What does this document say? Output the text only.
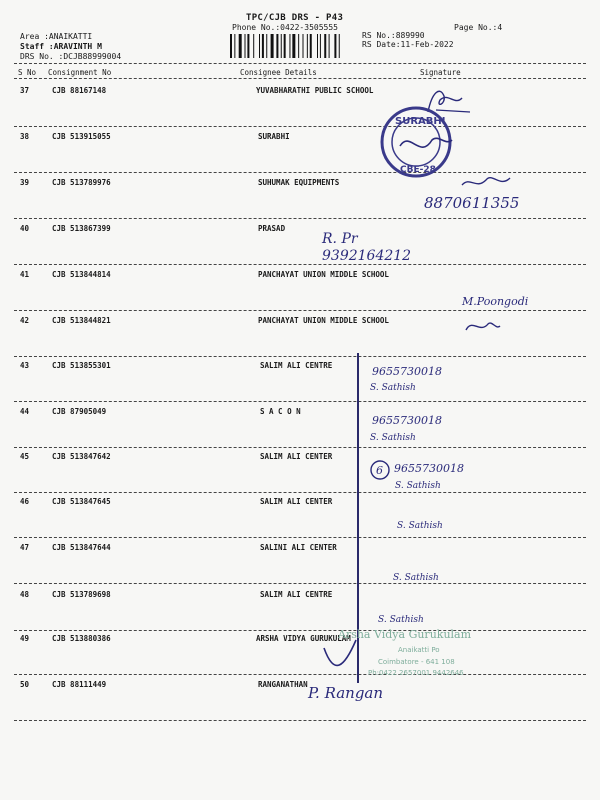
TPC/CJB DRS - P43
Phone No.:0422-3505555	Page No.:4
Area :ANAIKATTI
Staff :ARAVINTH M
DRS No. :DCJB88999004
RS No.:889990
RS Date:11-Feb-2022
S No Consignment No	Consignee Details	Signature
37	CJB 88167148	YUVABHARATHI PUBLIC SCHOOL
38	CJB 513915055	SURABHI
39	CJB 513789976	SUHUMAK EQUIPMENTS
40	CJB 513867399	PRASAD
41	CJB 513844814	PANCHAYAT UNION MIDDLE SCHOOL
42	CJB 513844821	PANCHAYAT UNION MIDDLE SCHOOL
43	CJB 513855301	SALIM ALI CENTRE
44	CJB 87905049	S A C O N
45	CJB 513847642	SALIM ALI CENTER
46	CJB 513847645	SALIM ALI CENTER
47	CJB 513847644	SALINI ALI CENTER
48	CJB 513789698	SALIM ALI CENTRE
49	CJB 513880386	ARSHA VIDYA GURUKULAM
50	CJB 88111449	RANGANATHAN
SURABHI
CBE-28
8870611355
R. Pr
9392164212
M.Poongodi
9655730018
S. Sathish
9655730018
S. Sathish
6 9655730018
S. Sathish
S. Sathish
S. Sathish
S. Sathish
Arsha Vidya Gurukulam
Anaikatti Po
Coimbatore - 641 108
Ph:0422 2657001 9442646
P. Rangan
